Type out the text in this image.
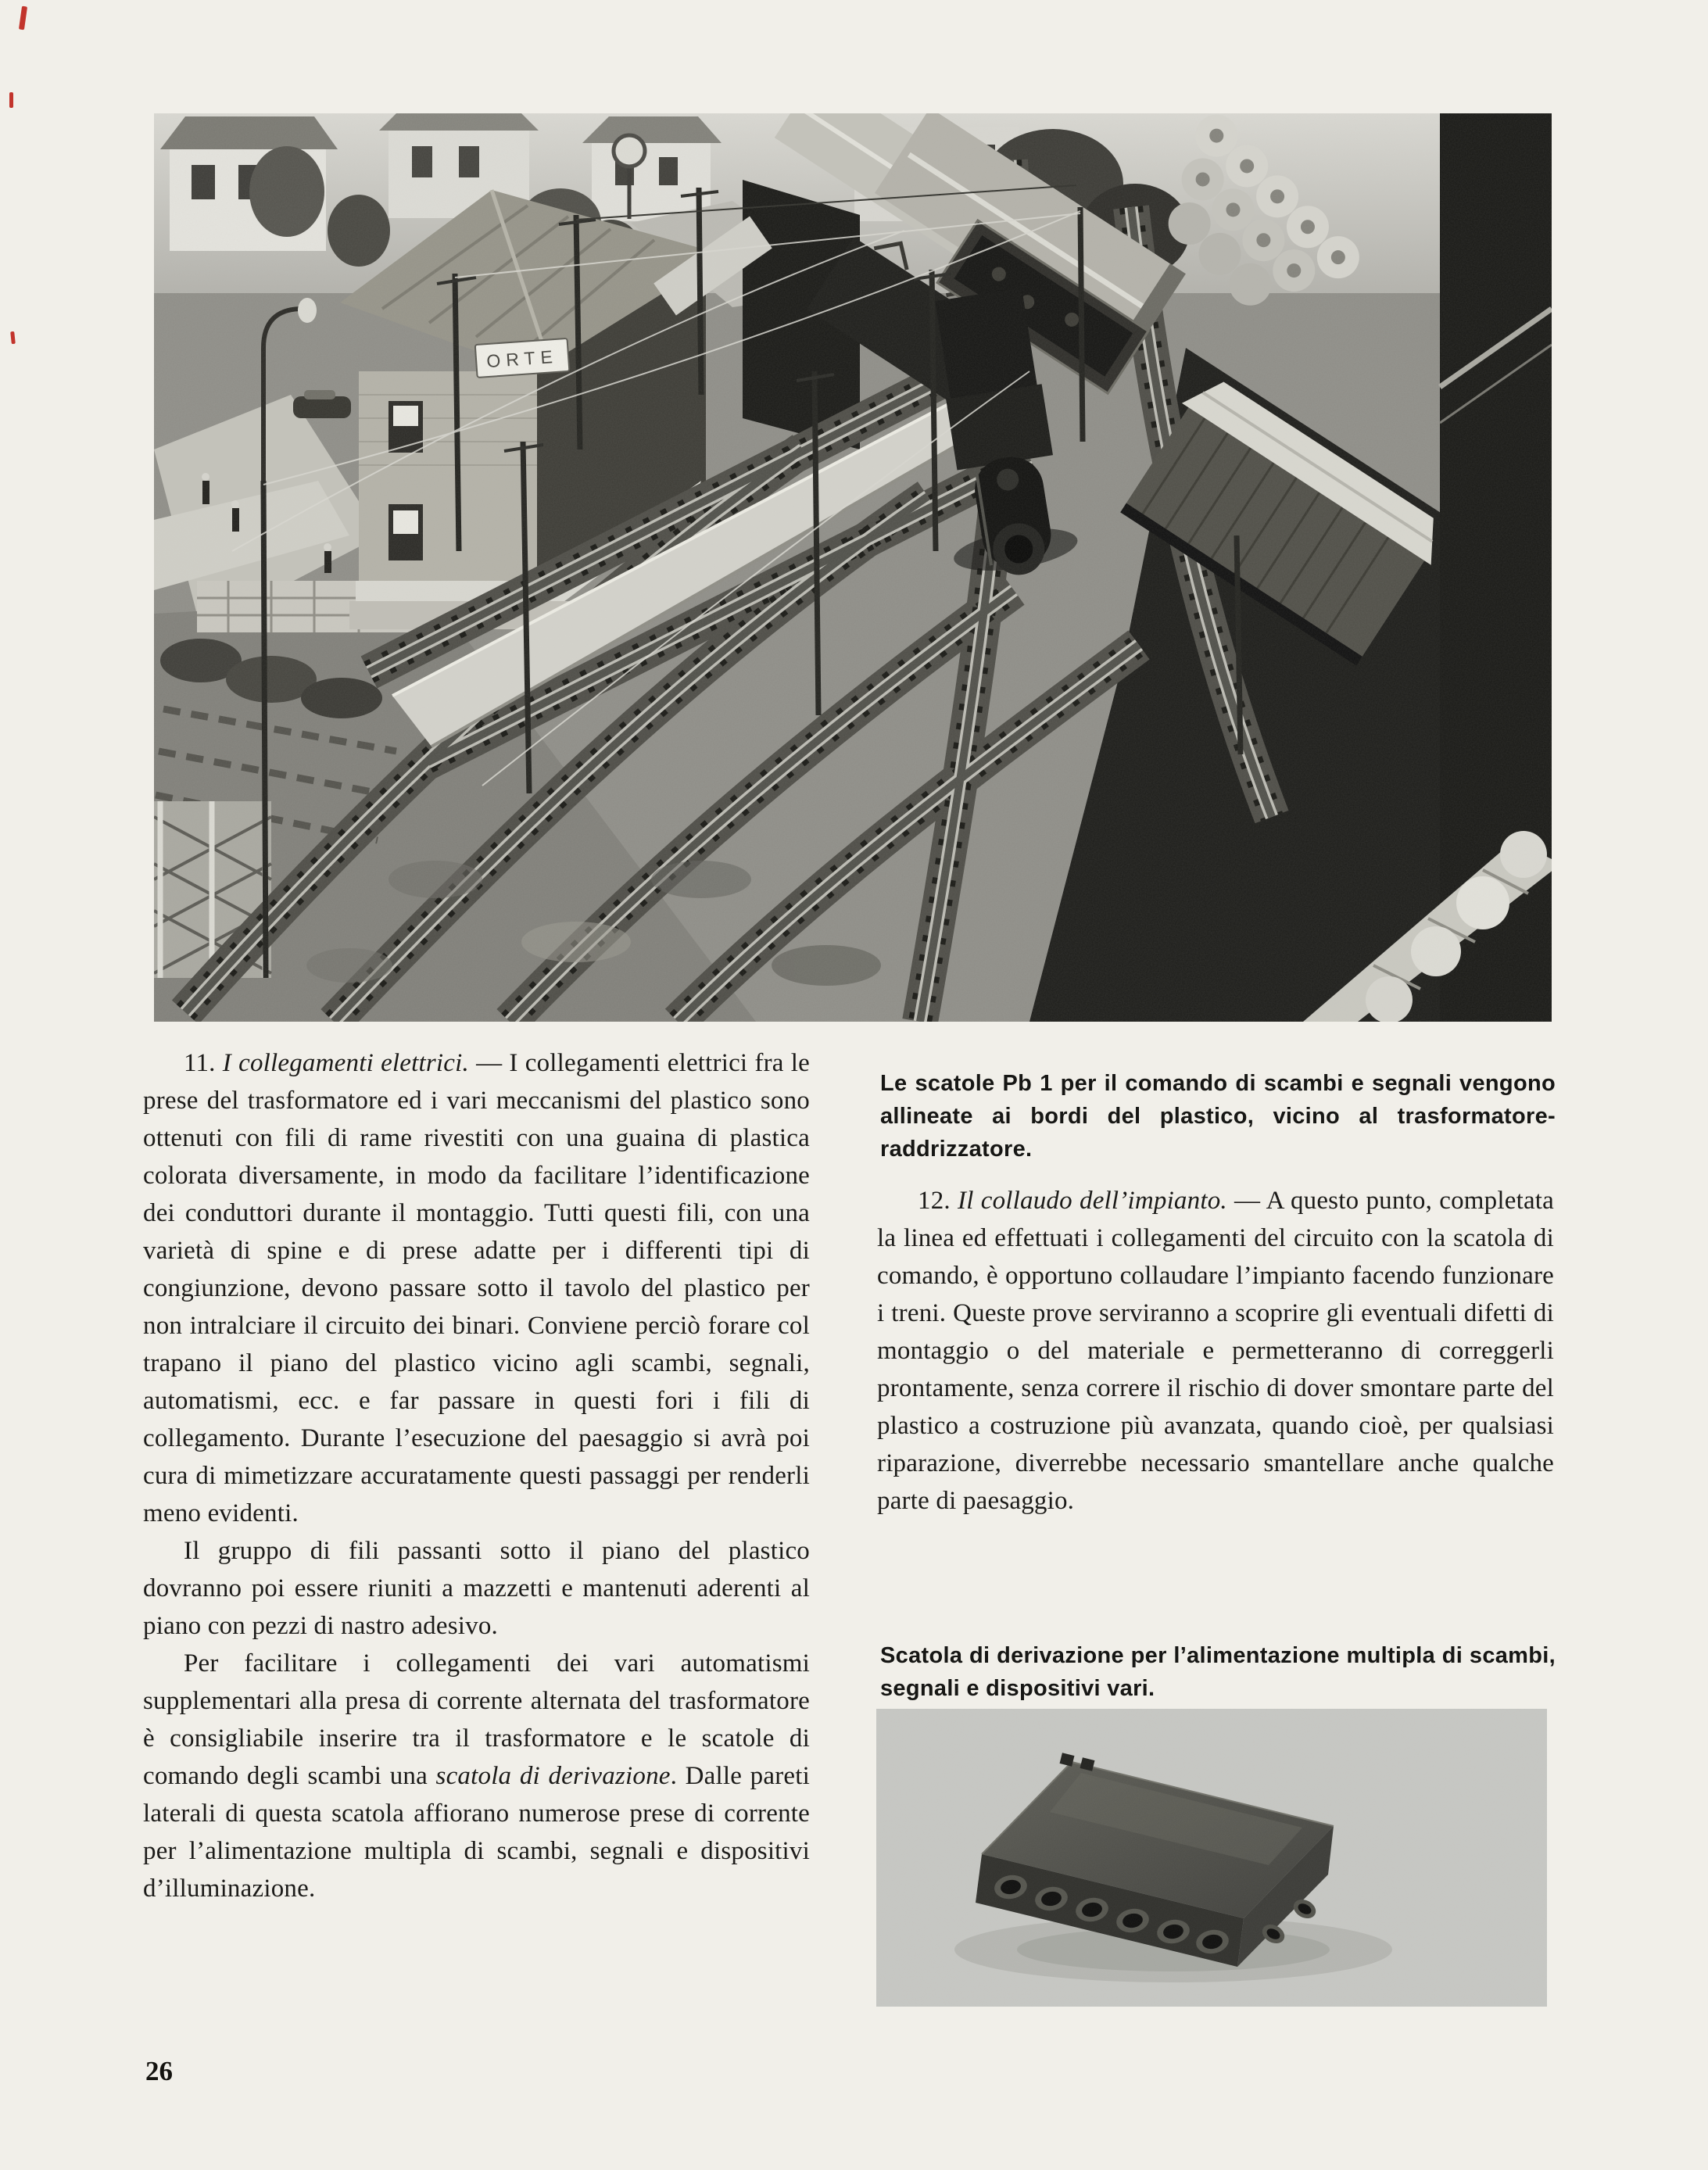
ORTE

11. I collegamenti elettrici. — I collegamenti elettrici fra le prese del trasformatore ed i vari meccanismi del plastico sono ottenuti con fili di rame rivestiti con una guaina di plastica colorata diversamente, in modo da facilitare l’identificazione dei conduttori durante il montaggio. Tutti questi fili, con una varietà di spine e di prese adatte per i differenti tipi di congiunzione, devono passare sotto il tavolo del plastico per non intralciare il circuito dei binari. Conviene perciò forare col trapano il piano del plastico vicino agli scambi, segnali, automatismi, ecc. e far passare in questi fori i fili di collegamento. Durante l’esecuzione del paesaggio si avrà poi cura di mimetizzare accuratamente questi passaggi per renderli meno evidenti.

Il gruppo di fili passanti sotto il piano del plastico dovranno poi essere riuniti a mazzetti e mantenuti aderenti al piano con pezzi di nastro adesivo.

Per facilitare i collegamenti dei vari automatismi supplementari alla presa di corrente alternata del trasformatore è consigliabile inserire tra il trasformatore e le scatole di comando degli scambi una scatola di derivazione. Dalle pareti laterali di questa scatola affiorano numerose prese di corrente per l’alimentazione multipla di scambi, segnali e dispositivi d’illuminazione.

Le scatole Pb 1 per il comando di scambi e segnali vengono allineate ai bordi del plastico, vicino al trasformatore-raddrizzatore.

12. Il collaudo dell’impianto. — A questo punto, completata la linea ed effettuati i collegamenti del circuito con la scatola di comando, è opportuno collaudare l’impianto facendo funzionare i treni. Queste prove serviranno a scoprire gli eventuali difetti di montaggio o del materiale e permetteranno di correggerli prontamente, senza correre il rischio di dover smontare parte del plastico a costruzione più avanzata, quando cioè, per qualsiasi riparazione, diverrebbe necessario smantellare anche qualche parte di paesaggio.

Scatola di derivazione per l’alimentazione multipla di scambi, segnali e dispositivi vari.

26
